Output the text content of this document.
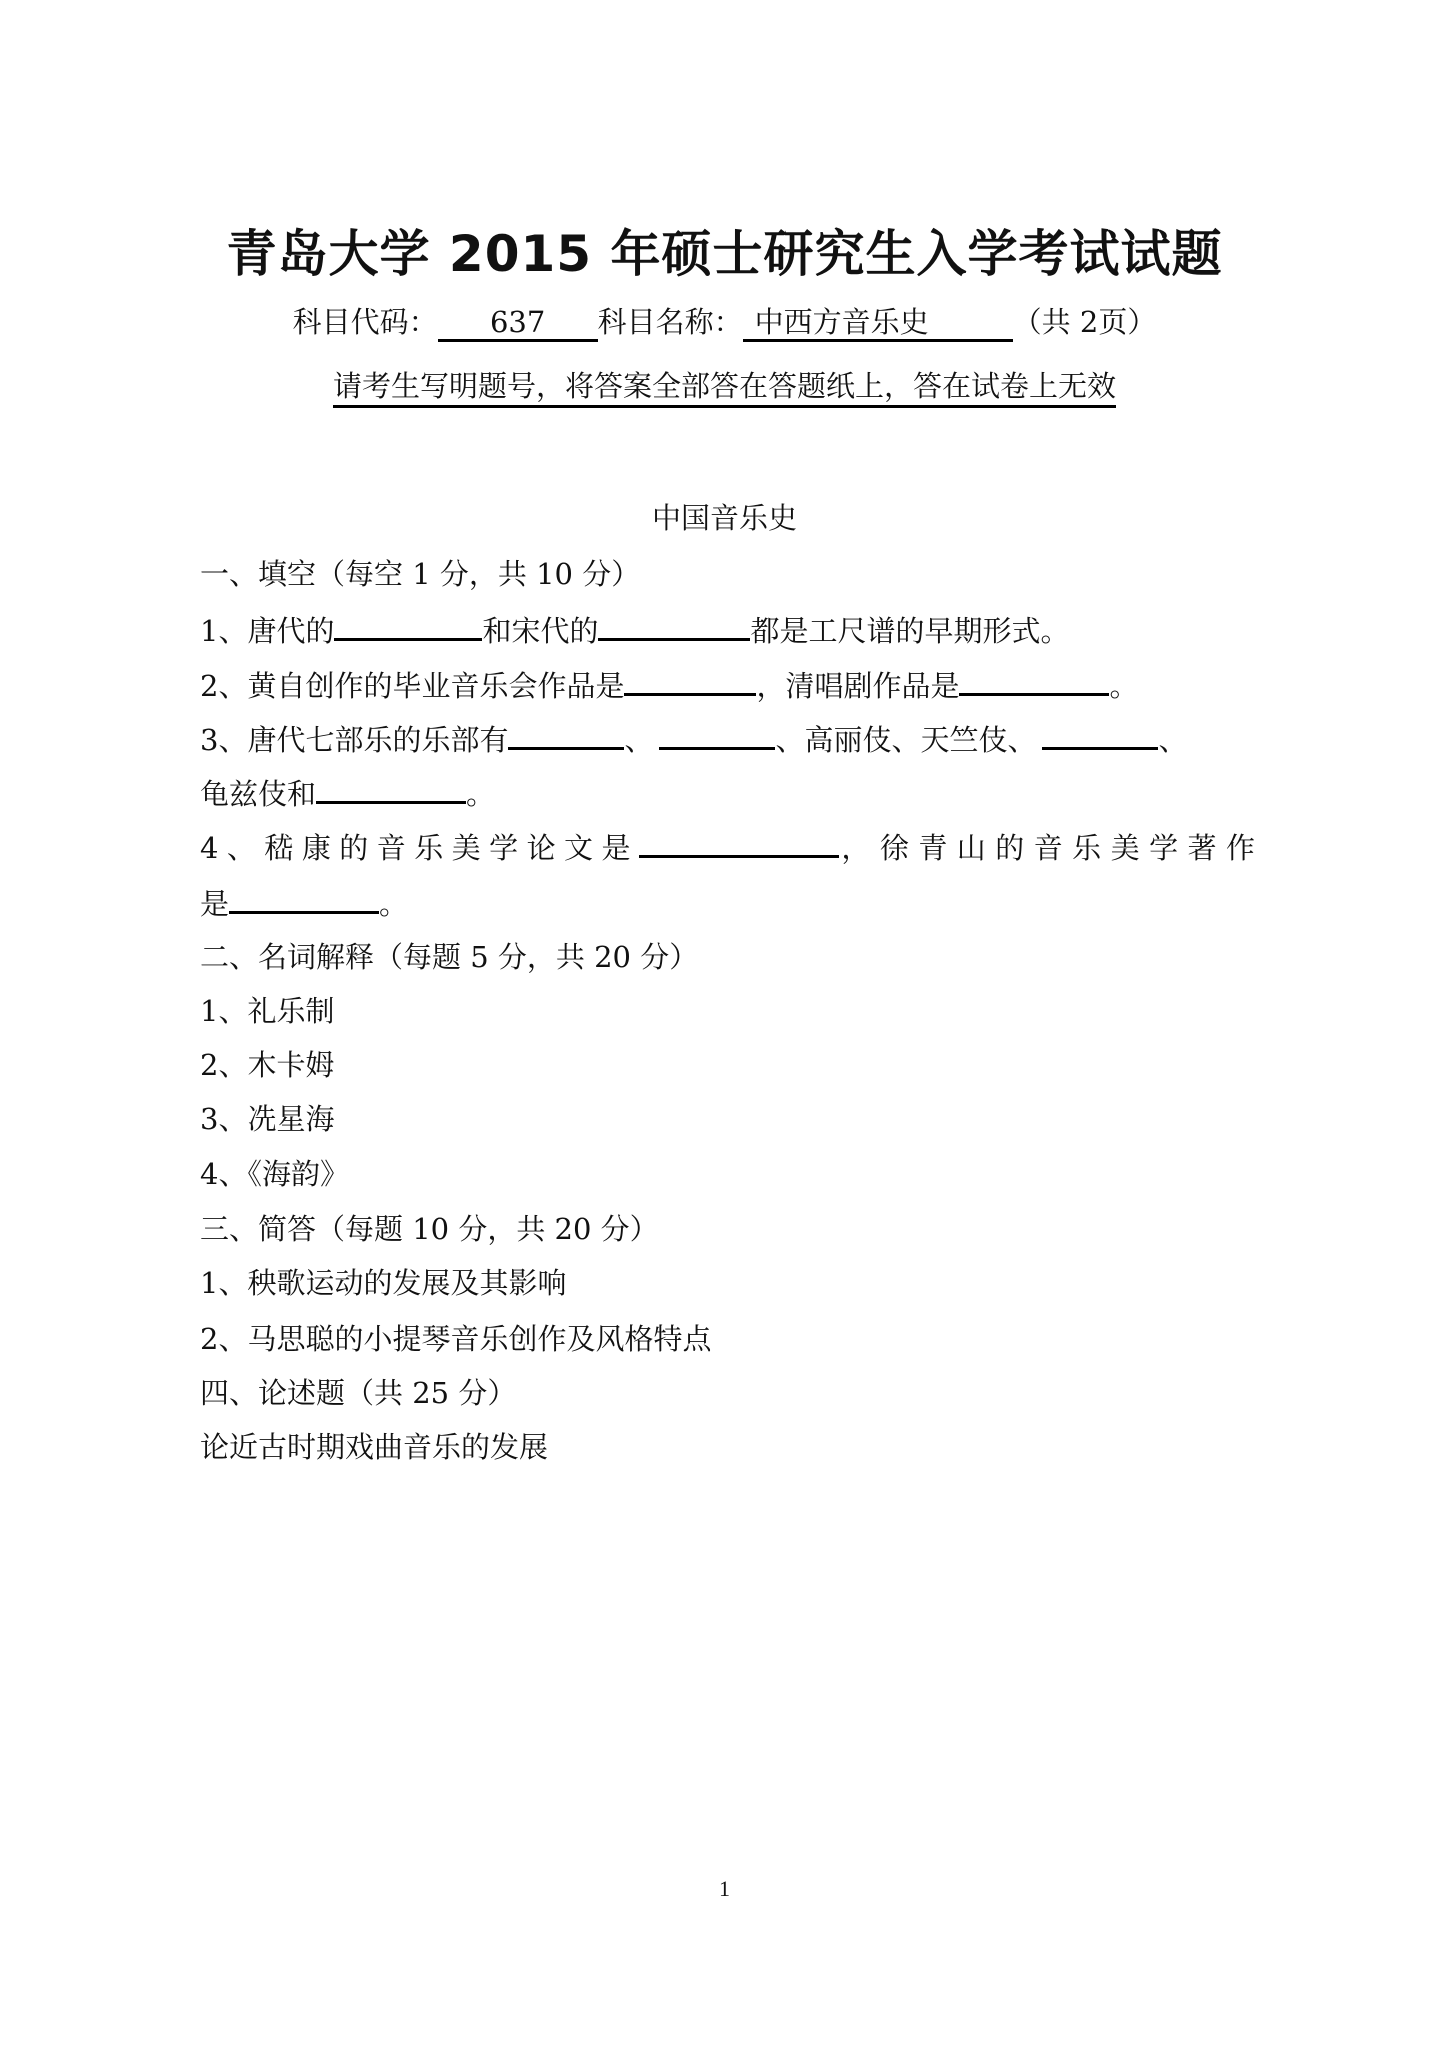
青岛大学 2015 年硕士研究生入学考试试题
科目代码： 637 科目名称： 中西方音乐史	（共 2页）
请考生写明题号，将答案全部答在答题纸上，答在试卷上无效
中国音乐史
一、填空（每空 1 分，共 10 分）
1、唐代的	和宋代的	都是工尺谱的早期形式。
2、黄自创作的毕业音乐会作品是	，清唱剧作品是	。
3、唐代七部乐的乐部有	、	、高丽伎、天竺伎、	、
龟兹伎和	。
4、嵇康的音乐美学论文是	，徐青山的音乐美学著作
是	。
二、名词解释（每题 5 分，共 20 分）
1、礼乐制
2、木卡姆
3、冼星海
4、《海韵》
三、简答（每题 10 分，共 20 分）
1、秧歌运动的发展及其影响
2、马思聪的小提琴音乐创作及风格特点
四、论述题（共 25 分）
论近古时期戏曲音乐的发展
1
